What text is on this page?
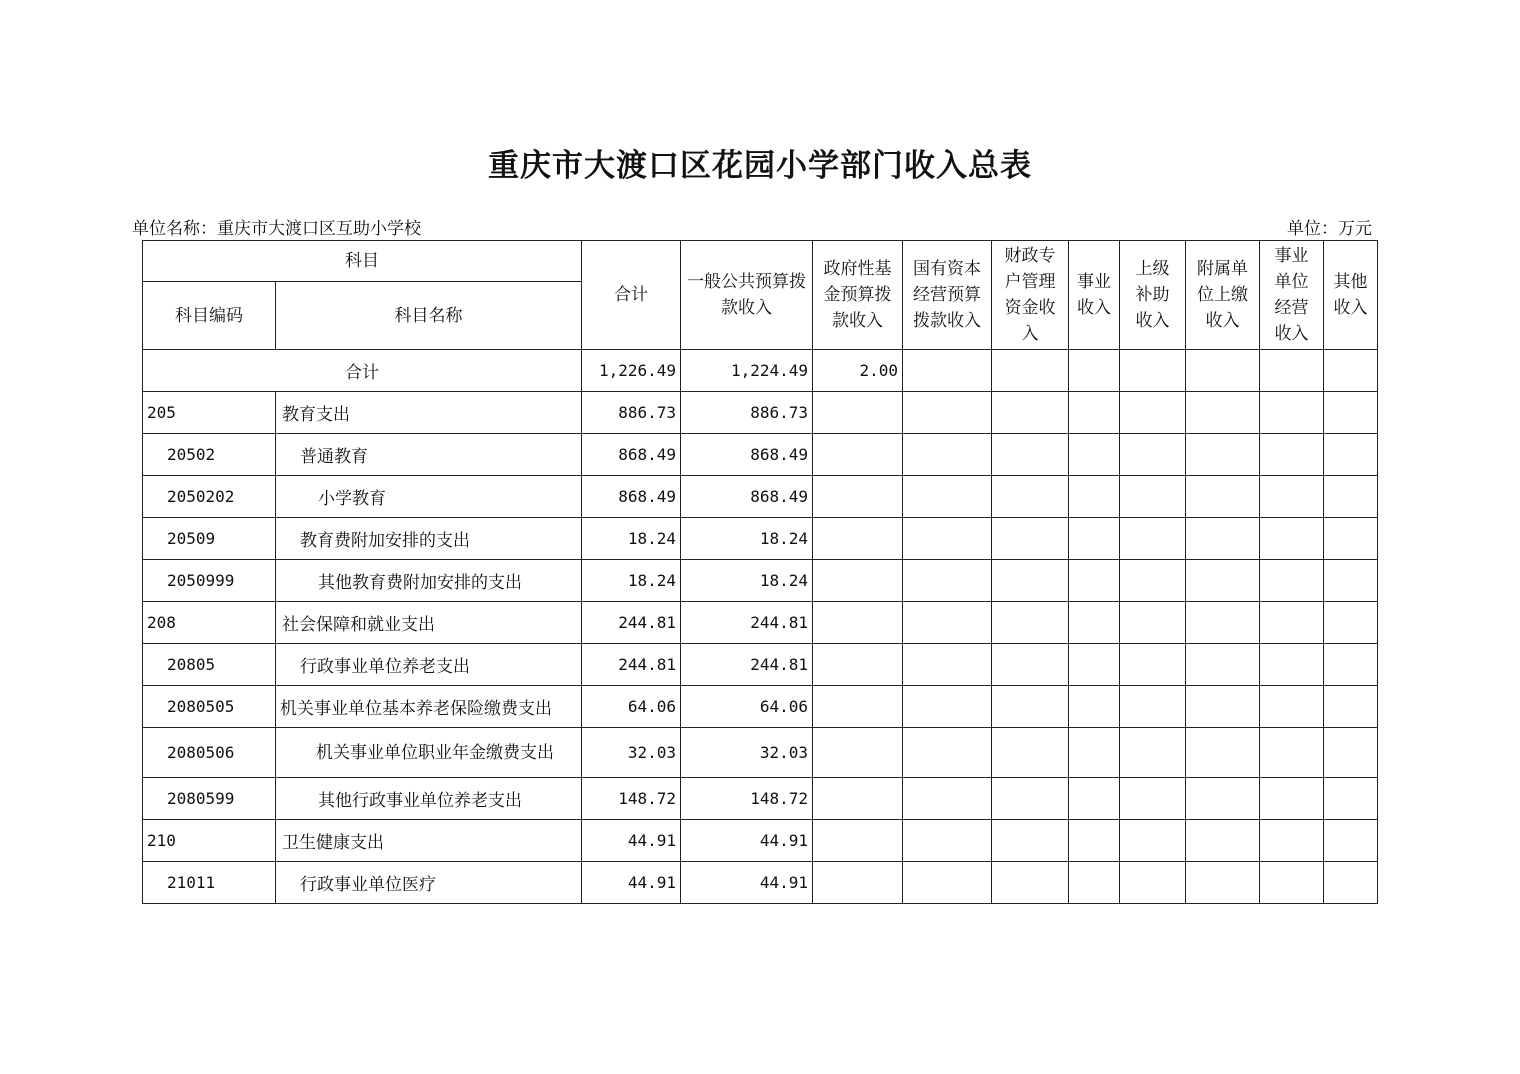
重庆市大渡口区花园小学部门收入总表
单位名称：重庆市大渡口区互助小学校	单位：万元
科目		合计	一般公共预算拨款收入	政府性基金预算拨款收入	国有资本经营预算拨款收入	财政专户管理资金收入	事业收入	上级补助收入	附属单位上缴收入	事业单位经营收入	其他收入
科目编码	科目名称										
合计		1,226.49	1,224.49	2.00							
205	教育支出	886.73	886.73								
20502	普通教育	868.49	868.49								
2050202	小学教育	868.49	868.49								
20509	教育费附加安排的支出	18.24	18.24								
2050999	其他教育费附加安排的支出	18.24	18.24								
208	社会保障和就业支出	244.81	244.81								
20805	行政事业单位养老支出	244.81	244.81								
2080505	机关事业单位基本养老保险缴费支出	64.06	64.06								
2080506	机关事业单位职业年金缴费支出	32.03	32.03								
2080599	其他行政事业单位养老支出	148.72	148.72								
210	卫生健康支出	44.91	44.91								
21011	行政事业单位医疗	44.91	44.91								
